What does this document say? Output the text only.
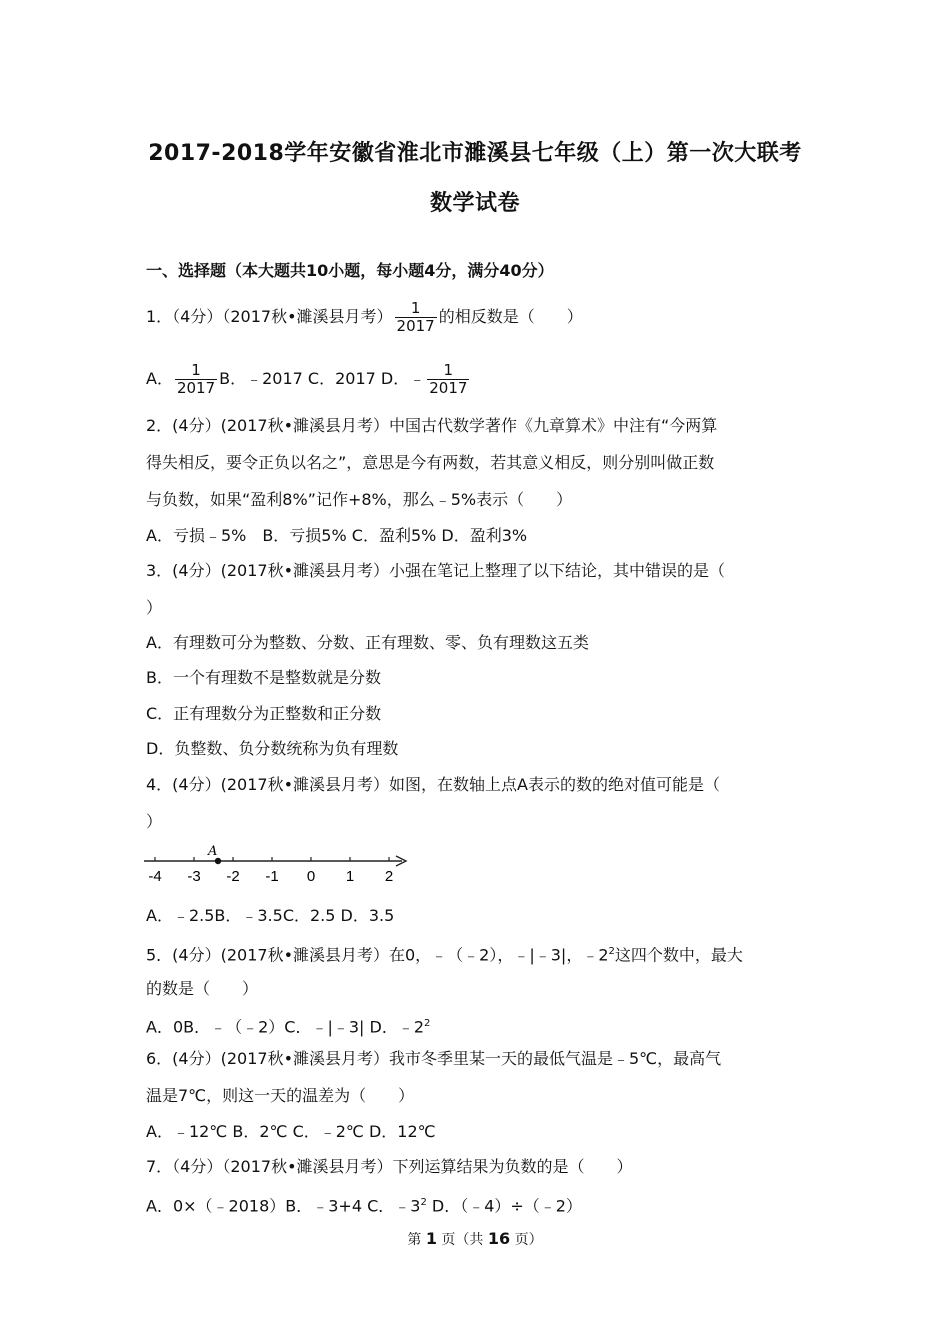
2017-2018学年安徽省淮北市濉溪县七年级（上）第一次大联考
数学试卷
一、选择题（本大题共10小题，每小题4分，满分40分）
1．（4分）（2017秋•濉溪县月考） $\frac{1}{2017}$ 的相反数是（　　）
A． $\frac{1}{2017}$ B．﹣2017 C．2017 D．﹣ $\frac{1}{2017}$
2．(4分）(2017秋•濉溪县月考）中国古代数学著作《九章算术》中注有“今两算
得失相反，要令正负以名之”，意思是今有两数，若其意义相反，则分别叫做正数
与负数，如果“盈利8%”记作+8%，那么﹣5%表示（　　）
A．亏损﹣5%　B．亏损5% C．盈利5% D．盈利3%
3．(4分）(2017秋•濉溪县月考）小强在笔记上整理了以下结论，其中错误的是（
）
A．有理数可分为整数、分数、正有理数、零、负有理数这五类
B．一个有理数不是整数就是分数
C．正有理数分为正整数和正分数
D．负整数、负分数统称为负有理数
4．(4分）(2017秋•濉溪县月考）如图，在数轴上点A表示的数的绝对值可能是（
）
-4 -3 -2 -1 0 1 2
A
A．﹣2.5B．﹣3.5C．2.5 D．3.5
5．(4分）(2017秋•濉溪县月考）在0，﹣（﹣2），﹣|﹣3|，$﹣2^2$这四个数中，最大
的数是（　　）
A．0B．﹣（﹣2）C．﹣|﹣3| D．$﹣2^2$
6．(4分）(2017秋•濉溪县月考）我市冬季里某一天的最低气温是﹣5℃，最高气
温是7℃，则这一天的温差为（　　）
A．﹣12℃ B．2℃ C．﹣2℃ D．12℃
7．（4分）（2017秋•濉溪县月考）下列运算结果为负数的是（　　）
A．0×（﹣2018）B．﹣3+4 C．$﹣3^2$ D．（﹣4）÷（﹣2）
第 1 页（共 16 页）
